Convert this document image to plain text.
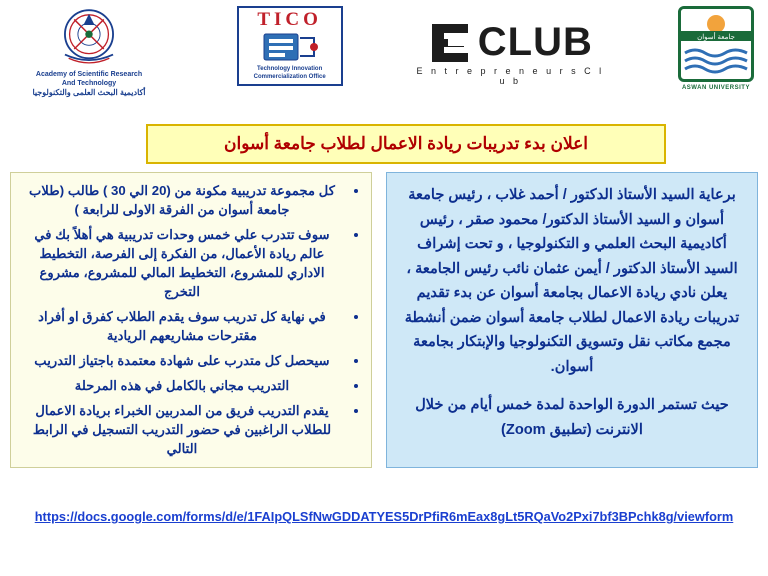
Academy of Scientific Research
And Technology
أكاديمية البحث العلمى والتكنولوجيا
TICO
Technology Innovation
Commercialization Office
CLUB
E n t r e p r e n e u r s C l u b
جامعة أسوان
ASWAN UNIVERSITY
اعلان بدء تدريبات ريادة الاعمال لطلاب جامعة أسوان
• كل مجموعة تدريبية مكونة من (20 الي 30 ) طالب (طلاب جامعة أسوان من الفرقة الاولى للرابعة )
• سوف تتدرب علي خمس وحدات تدريبية هي أهلاً بك في عالم ريادة الأعمال، من الفكرة إلى الفرصة، التخطيط الاداري للمشروع، التخطيط المالي للمشروع، مشروع التخرج
• في نهاية كل تدريب سوف يقدم الطلاب كفرق او أفراد مقترحات مشاريعهم الريادية
• سيحصل كل متدرب على شهادة معتمدة باجتياز التدريب
• التدريب مجاني بالكامل في هذه المرحلة
• يقدم التدريب فريق من المدربين الخبراء بريادة الاعمال للطلاب الراغبين في حضور التدريب التسجيل في الرابط التالي
برعاية السيد الأستاذ الدكتور / أحمد غلاب ، رئيس جامعة أسوان و السيد الأستاذ الدكتور/ محمود صقر ، رئيس أكاديمية البحث العلمي و التكنولوجيا ، و تحت إشراف السيد الأستاذ الدكتور / أيمن عثمان نائب رئيس الجامعة ، يعلن نادي ريادة الاعمال بجامعة أسوان عن بدء تقديم تدريبات ريادة الاعمال لطلاب جامعة أسوان ضمن أنشطة مجمع مكاتب نقل وتسويق التكنولوجيا والإبتكار بجامعة أسوان.
حيث تستمر الدورة الواحدة لمدة خمس أيام من خلال الانترنت (تطبيق Zoom)
https://docs.google.com/forms/d/e/1FAIpQLSfNwGDDATYES5DrPfiR6mEax8gLt5RQaVo2Pxi7bf3BPchk8g/viewform
